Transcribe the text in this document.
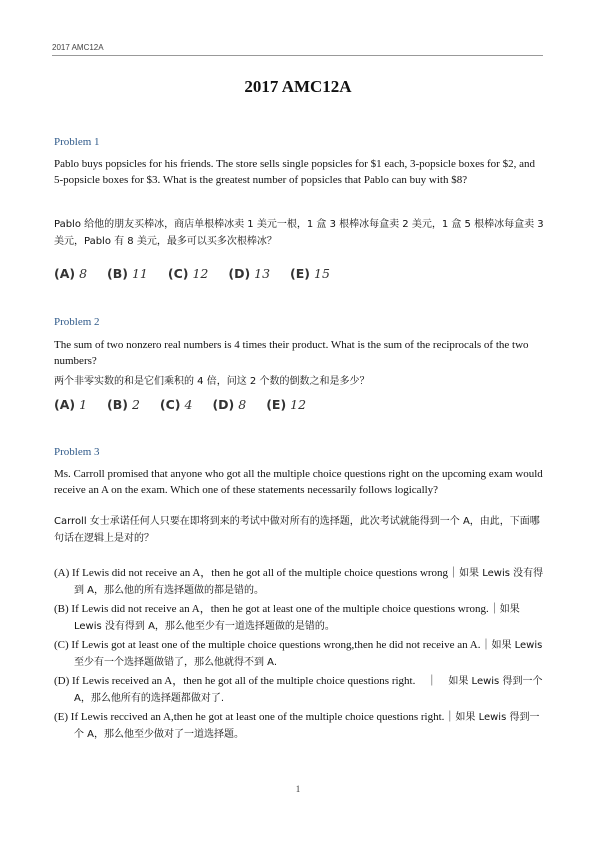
2017 AMC12A
2017 AMC12A
Problem 1
Pablo buys popsicles for his friends. The store sells single popsicles for $1 each, 3-popsicle boxes for $2, and 5-popsicle boxes for $3. What is the greatest number of popsicles that Pablo can buy with $8?
Pablo 给他的朋友买棒冰，商店单根棒冰卖 1 美元一根，1 盒 3 根棒冰每盒卖 2 美元，1 盒 5 根棒冰每盒卖 3 美元，Pablo 有 8 美元，最多可以买多次根棒冰？
(A) 8 (B) 11 (C) 12 (D) 13 (E) 15
Problem 2
The sum of two nonzero real numbers is 4 times their product. What is the sum of the reciprocals of the two numbers?
两个非零实数的和是它们乘积的 4 倍，问这 2 个数的倒数之和是多少？
(A) 1 (B) 2 (C) 4 (D) 8 (E) 12
Problem 3
Ms. Carroll promised that anyone who got all the multiple choice questions right on the upcoming exam would receive an A on the exam. Which one of these statements necessarily follows logically?
Carroll 女士承诺任何人只要在即将到来的考试中做对所有的选择题，此次考试就能得到一个 A，由此，下面哪句话在逻辑上是对的？
(A) If Lewis did not receive an A，then he got all of the multiple choice questions wrong｜如果 Lewis 没有得到 A，那么他的所有选择题做的都是错的。
(B) If Lewis did not receive an A，then he got at least one of the multiple choice questions wrong.｜如果 Lewis 没有得到 A，那么他至少有一道选择题做的是错的。
(C) If Lewis got at least one of the multiple choice questions wrong,then he did not receive an A.｜如果 Lewis 至少有一个选择题做错了，那么他就得不到 A.
(D) If Lewis received an A，then he got all of the multiple choice questions right.　｜　如果 Lewis 得到一个 A，那么他所有的选择题都做对了.
(E) If Lewis reccived an A,then he got at least one of the multiple choice questions right.｜如果 Lewis 得到一个 A，那么他至少做对了一道选择题。
1
